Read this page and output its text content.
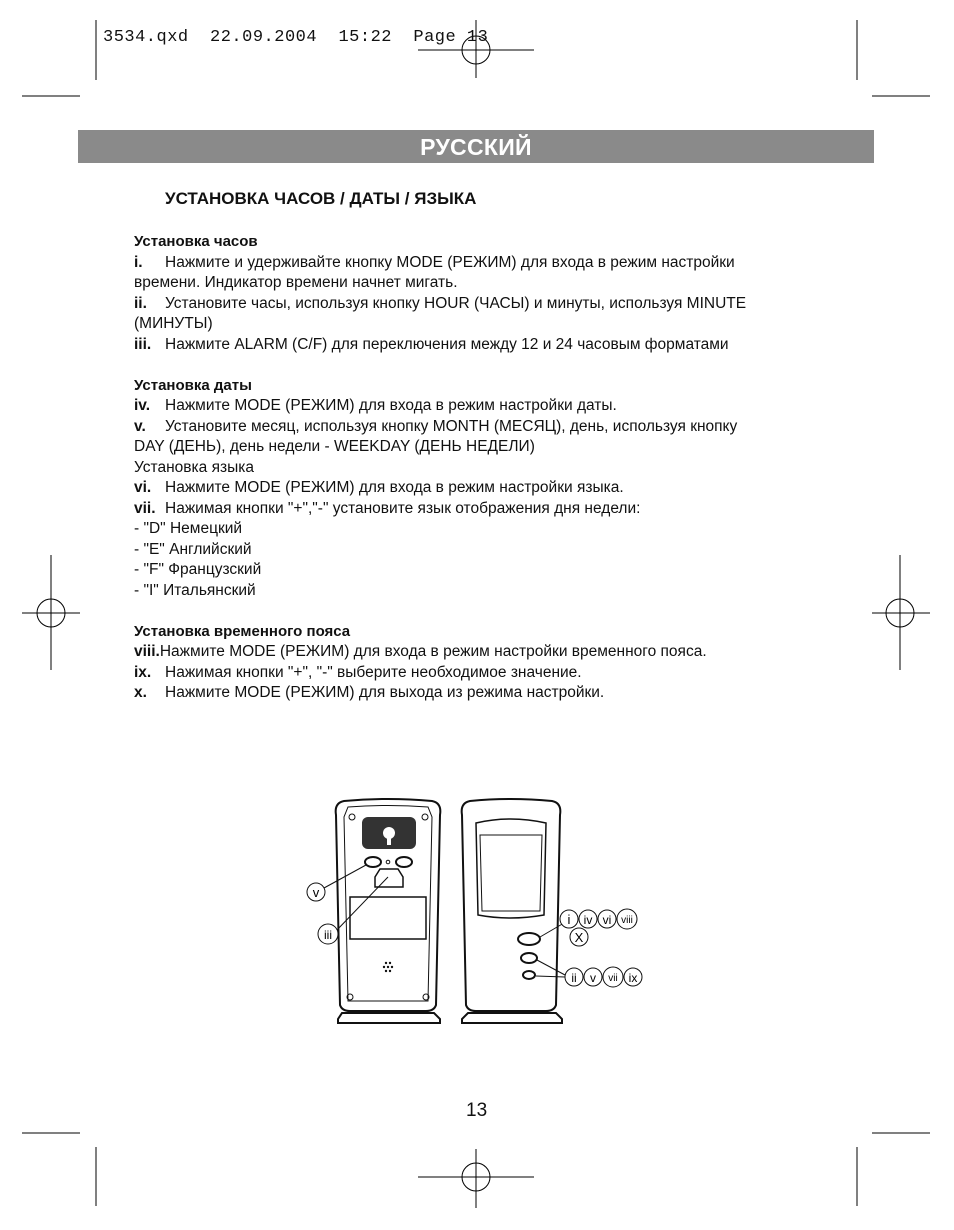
3534.qxd 22.09.2004 15:22 Page 13
РУССКИЙ
УСТАНОВКА ЧАСОВ / ДАТЫ / ЯЗЫКА
Установка часов
i. Нажмите и удерживайте кнопку MODE (РЕЖИМ) для входа в режим настройки
времени. Индикатор времени начнет мигать.
ii. Установите часы, используя кнопку HOUR (ЧАСЫ) и минуты, используя MINUTE
(МИНУТЫ)
iii. Нажмите ALARM (C/F) для переключения между 12 и 24 часовым форматами
Установка даты
iv. Нажмите MODE (РЕЖИМ) для входа в режим настройки даты.
v. Установите месяц, используя кнопку MONTH (МЕСЯЦ), день, используя кнопку
DAY (ДЕНЬ), день недели - WEEKDAY (ДЕНЬ НЕДЕЛИ)
Установка языка
vi. Нажмите MODE (РЕЖИМ) для входа в режим настройки языка.
vii. Нажимая кнопки "+","-" установите язык отображения дня недели:
- "D" Немецкий
- "E" Английский
- "F" Французский
- "I" Итальянский
Установка временного пояса
viii.Нажмите MODE (РЕЖИМ) для входа в режим настройки временного пояса.
ix. Нажимая кнопки "+", "-" выберите необходимое значение.
x. Нажмите MODE (РЕЖИМ) для выхода из режима настройки.
v
iii
i iv vi viii
X
ii v vii ix
13
